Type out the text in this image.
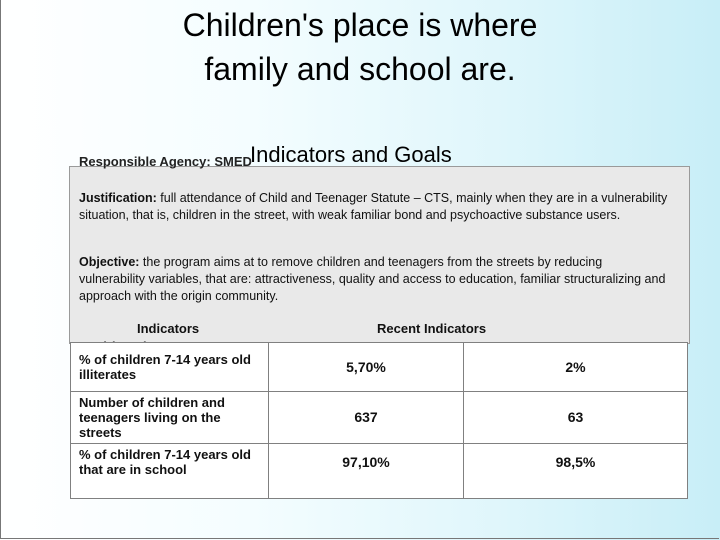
Children's place is where family and school are.
Responsible Agency: SMED
Indicators and Goals
Justification: full attendance of Child and Teenager Statute – CTS, mainly when they are in a vulnerability situation, that is, children in the street, with weak familiar bond and psychoactive substance users.
Objective: the program aims at to remove children and teenagers from the streets by reducing vulnerability variables, that are: attractiveness, quality and access to education, familiar structuralizing and approach with the origin community.
Indicators	Recent Indicators
% of children 7-14 years old illiterates	5,70%	2%
Number of children and teenagers living on the streets	637	63
% of children 7-14 years old that are in school	97,10%	98,5%
